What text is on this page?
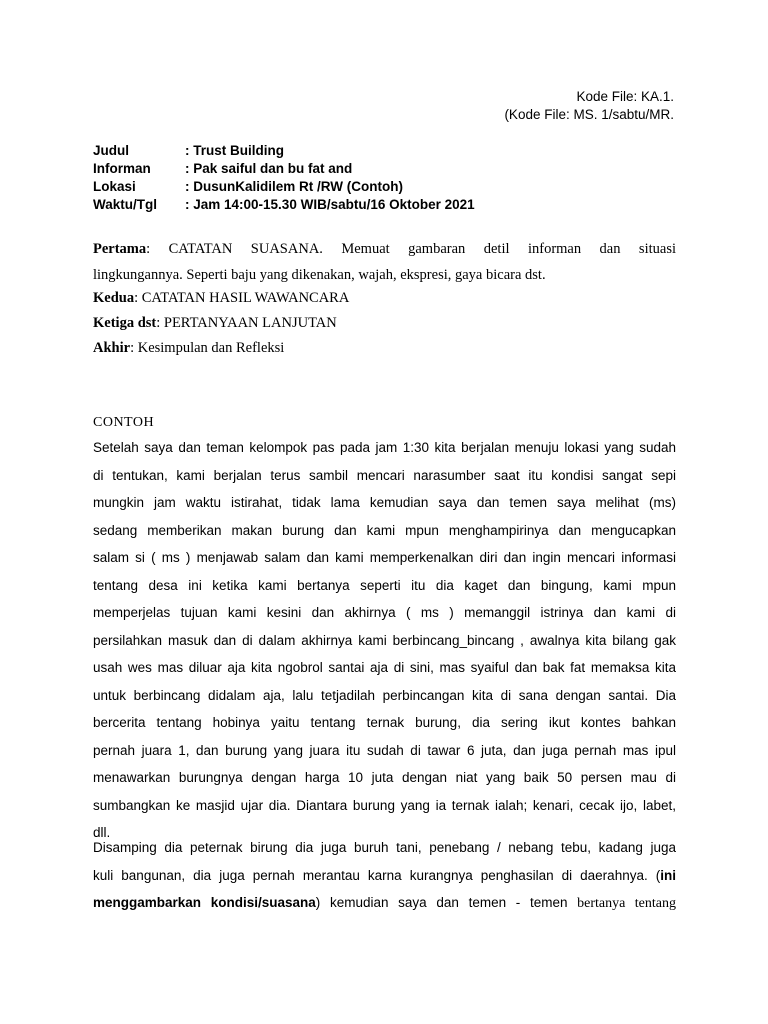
Kode File: KA.1.
(Kode File: MS. 1/sabtu/MR.
Judul	: Trust Building
Informan	: Pak saiful dan bu fat and
Lokasi	: DusunKalidilem Rt /RW (Contoh)
Waktu/Tgl : Jam 14:00-15.30 WIB/sabtu/16 Oktober 2021
Pertama: CATATAN SUASANA. Memuat gambaran detil informan dan situasi
lingkungannya. Seperti baju yang dikenakan, wajah, ekspresi, gaya bicara dst.
Kedua: CATATAN HASIL WAWANCARA
Ketiga dst: PERTANYAAN LANJUTAN
Akhir: Kesimpulan dan Refleksi
CONTOH
Setelah saya dan teman kelompok pas pada jam 1:30 kita berjalan menuju lokasi yang sudah
di tentukan, kami berjalan terus sambil mencari narasumber saat itu kondisi sangat sepi
mungkin jam waktu istirahat, tidak lama kemudian saya dan temen saya melihat (ms)
sedang memberikan makan burung dan kami mpun menghampirinya dan mengucapkan
salam si ( ms ) menjawab salam dan kami memperkenalkan diri dan ingin mencari informasi
tentang desa ini ketika kami bertanya seperti itu dia kaget dan bingung, kami mpun
memperjelas tujuan kami kesini dan akhirnya ( ms ) memanggil istrinya dan kami di
persilahkan masuk dan di dalam akhirnya kami berbincang_bincang , awalnya kita bilang gak
usah wes mas diluar aja kita ngobrol santai aja di sini, mas syaiful dan bak fat memaksa kita
untuk berbincang didalam aja, lalu tetjadilah perbincangan kita di sana dengan santai. Dia
bercerita tentang hobinya yaitu tentang ternak burung, dia sering ikut kontes bahkan
pernah juara 1, dan burung yang juara itu sudah di tawar 6 juta, dan juga pernah mas ipul
menawarkan burungnya dengan harga 10 juta dengan niat yang baik 50 persen mau di
sumbangkan ke masjid ujar dia. Diantara burung yang ia ternak ialah; kenari, cecak ijo, labet,
dll.
Disamping dia peternak birung dia juga buruh tani, penebang / nebang tebu, kadang juga
kuli bangunan, dia juga pernah merantau karna kurangnya penghasilan di daerahnya. (ini
menggambarkan kondisi/suasana) kemudian saya dan temen - temen bertanya tentang
